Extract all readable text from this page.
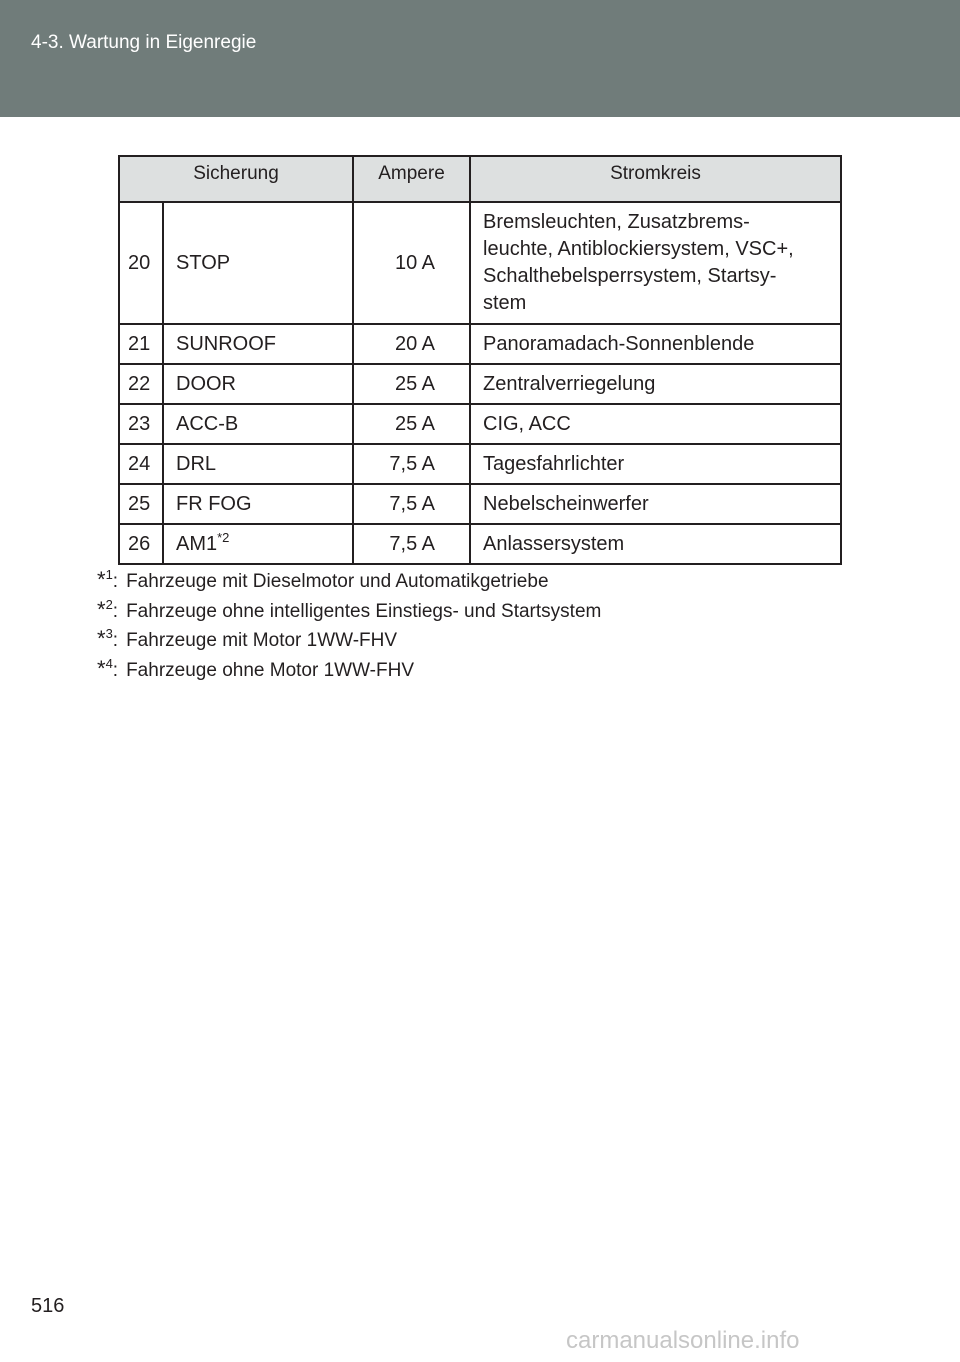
4-3. Wartung in Eigenregie
Sicherung		Ampere	Stromkreis
20	STOP	10 A	Bremsleuchten, Zusatzbrems-
leuchte, Antiblockiersystem, VSC+,
Schalthebelsperrsystem, Startsy-
stem
21	SUNROOF	20 A	Panoramadach-Sonnenblende
22	DOOR	25 A	Zentralverriegelung
23	ACC-B	25 A	CIG, ACC
24	DRL	7,5 A	Tagesfahrlichter
25	FR FOG	7,5 A	Nebelscheinwerfer
26	AM1$^{*2}$	7,5 A	Anlassersystem
*$^1$: Fahrzeuge mit Dieselmotor und Automatikgetriebe
*$^2$: Fahrzeuge ohne intelligentes Einstiegs- und Startsystem
*$^3$: Fahrzeuge mit Motor 1WW-FHV
*$^4$: Fahrzeuge ohne Motor 1WW-FHV
516
carmanualsonline.info
